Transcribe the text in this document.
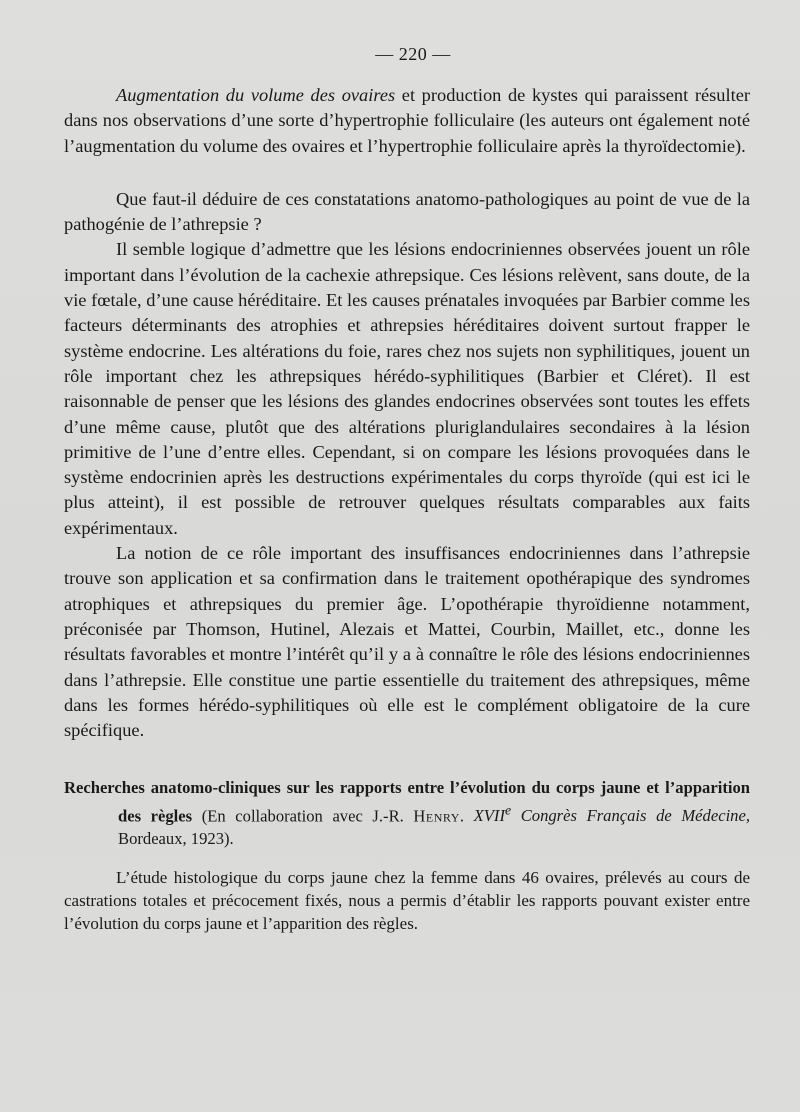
— 220 —

Augmentation du volume des ovaires et production de kystes qui paraissent résulter dans nos observations d’une sorte d’hypertrophie folliculaire (les auteurs ont également noté l’augmentation du volume des ovaires et l’hypertrophie folliculaire après la thyroïdectomie).

Que faut-il déduire de ces constatations anatomo-pathologiques au point de vue de la pathogénie de l’athrepsie ?

Il semble logique d’admettre que les lésions endocriniennes observées jouent un rôle important dans l’évolution de la cachexie athrepsique. Ces lésions relèvent, sans doute, de la vie fœtale, d’une cause héréditaire. Et les causes prénatales invoquées par Barbier comme les facteurs déterminants des atrophies et athrepsies héréditaires doivent surtout frapper le système endocrine. Les altérations du foie, rares chez nos sujets non syphilitiques, jouent un rôle important chez les athrepsiques hérédo-syphilitiques (Barbier et Cléret). Il est raisonnable de penser que les lésions des glandes endocrines observées sont toutes les effets d’une même cause, plutôt que des altérations pluriglandulaires secondaires à la lésion primitive de l’une d’entre elles. Cependant, si on compare les lésions provoquées dans le système endocrinien après les destructions expérimentales du corps thyroïde (qui est ici le plus atteint), il est possible de retrouver quelques résultats comparables aux faits expérimentaux.

La notion de ce rôle important des insuffisances endocriniennes dans l’athrepsie trouve son application et sa confirmation dans le traitement opothérapique des syndromes atrophiques et athrepsiques du premier âge. L’opothérapie thyroïdienne notamment, préconisée par Thomson, Hutinel, Alezais et Mattei, Courbin, Maillet, etc., donne les résultats favorables et montre l’intérêt qu’il y a à connaître le rôle des lésions endocriniennes dans l’athrepsie. Elle constitue une partie essentielle du traitement des athrepsiques, même dans les formes hérédo-syphilitiques où elle est le complément obligatoire de la cure spécifique.

Recherches anatomo-cliniques sur les rapports entre l’évolution du corps jaune et l’apparition des règles (En collaboration avec J.-R. Henry. XVIIe Congrès Français de Médecine, Bordeaux, 1923).

L’étude histologique du corps jaune chez la femme dans 46 ovaires, prélevés au cours de castrations totales et précocement fixés, nous a permis d’établir les rapports pouvant exister entre l’évolution du corps jaune et l’apparition des règles.
